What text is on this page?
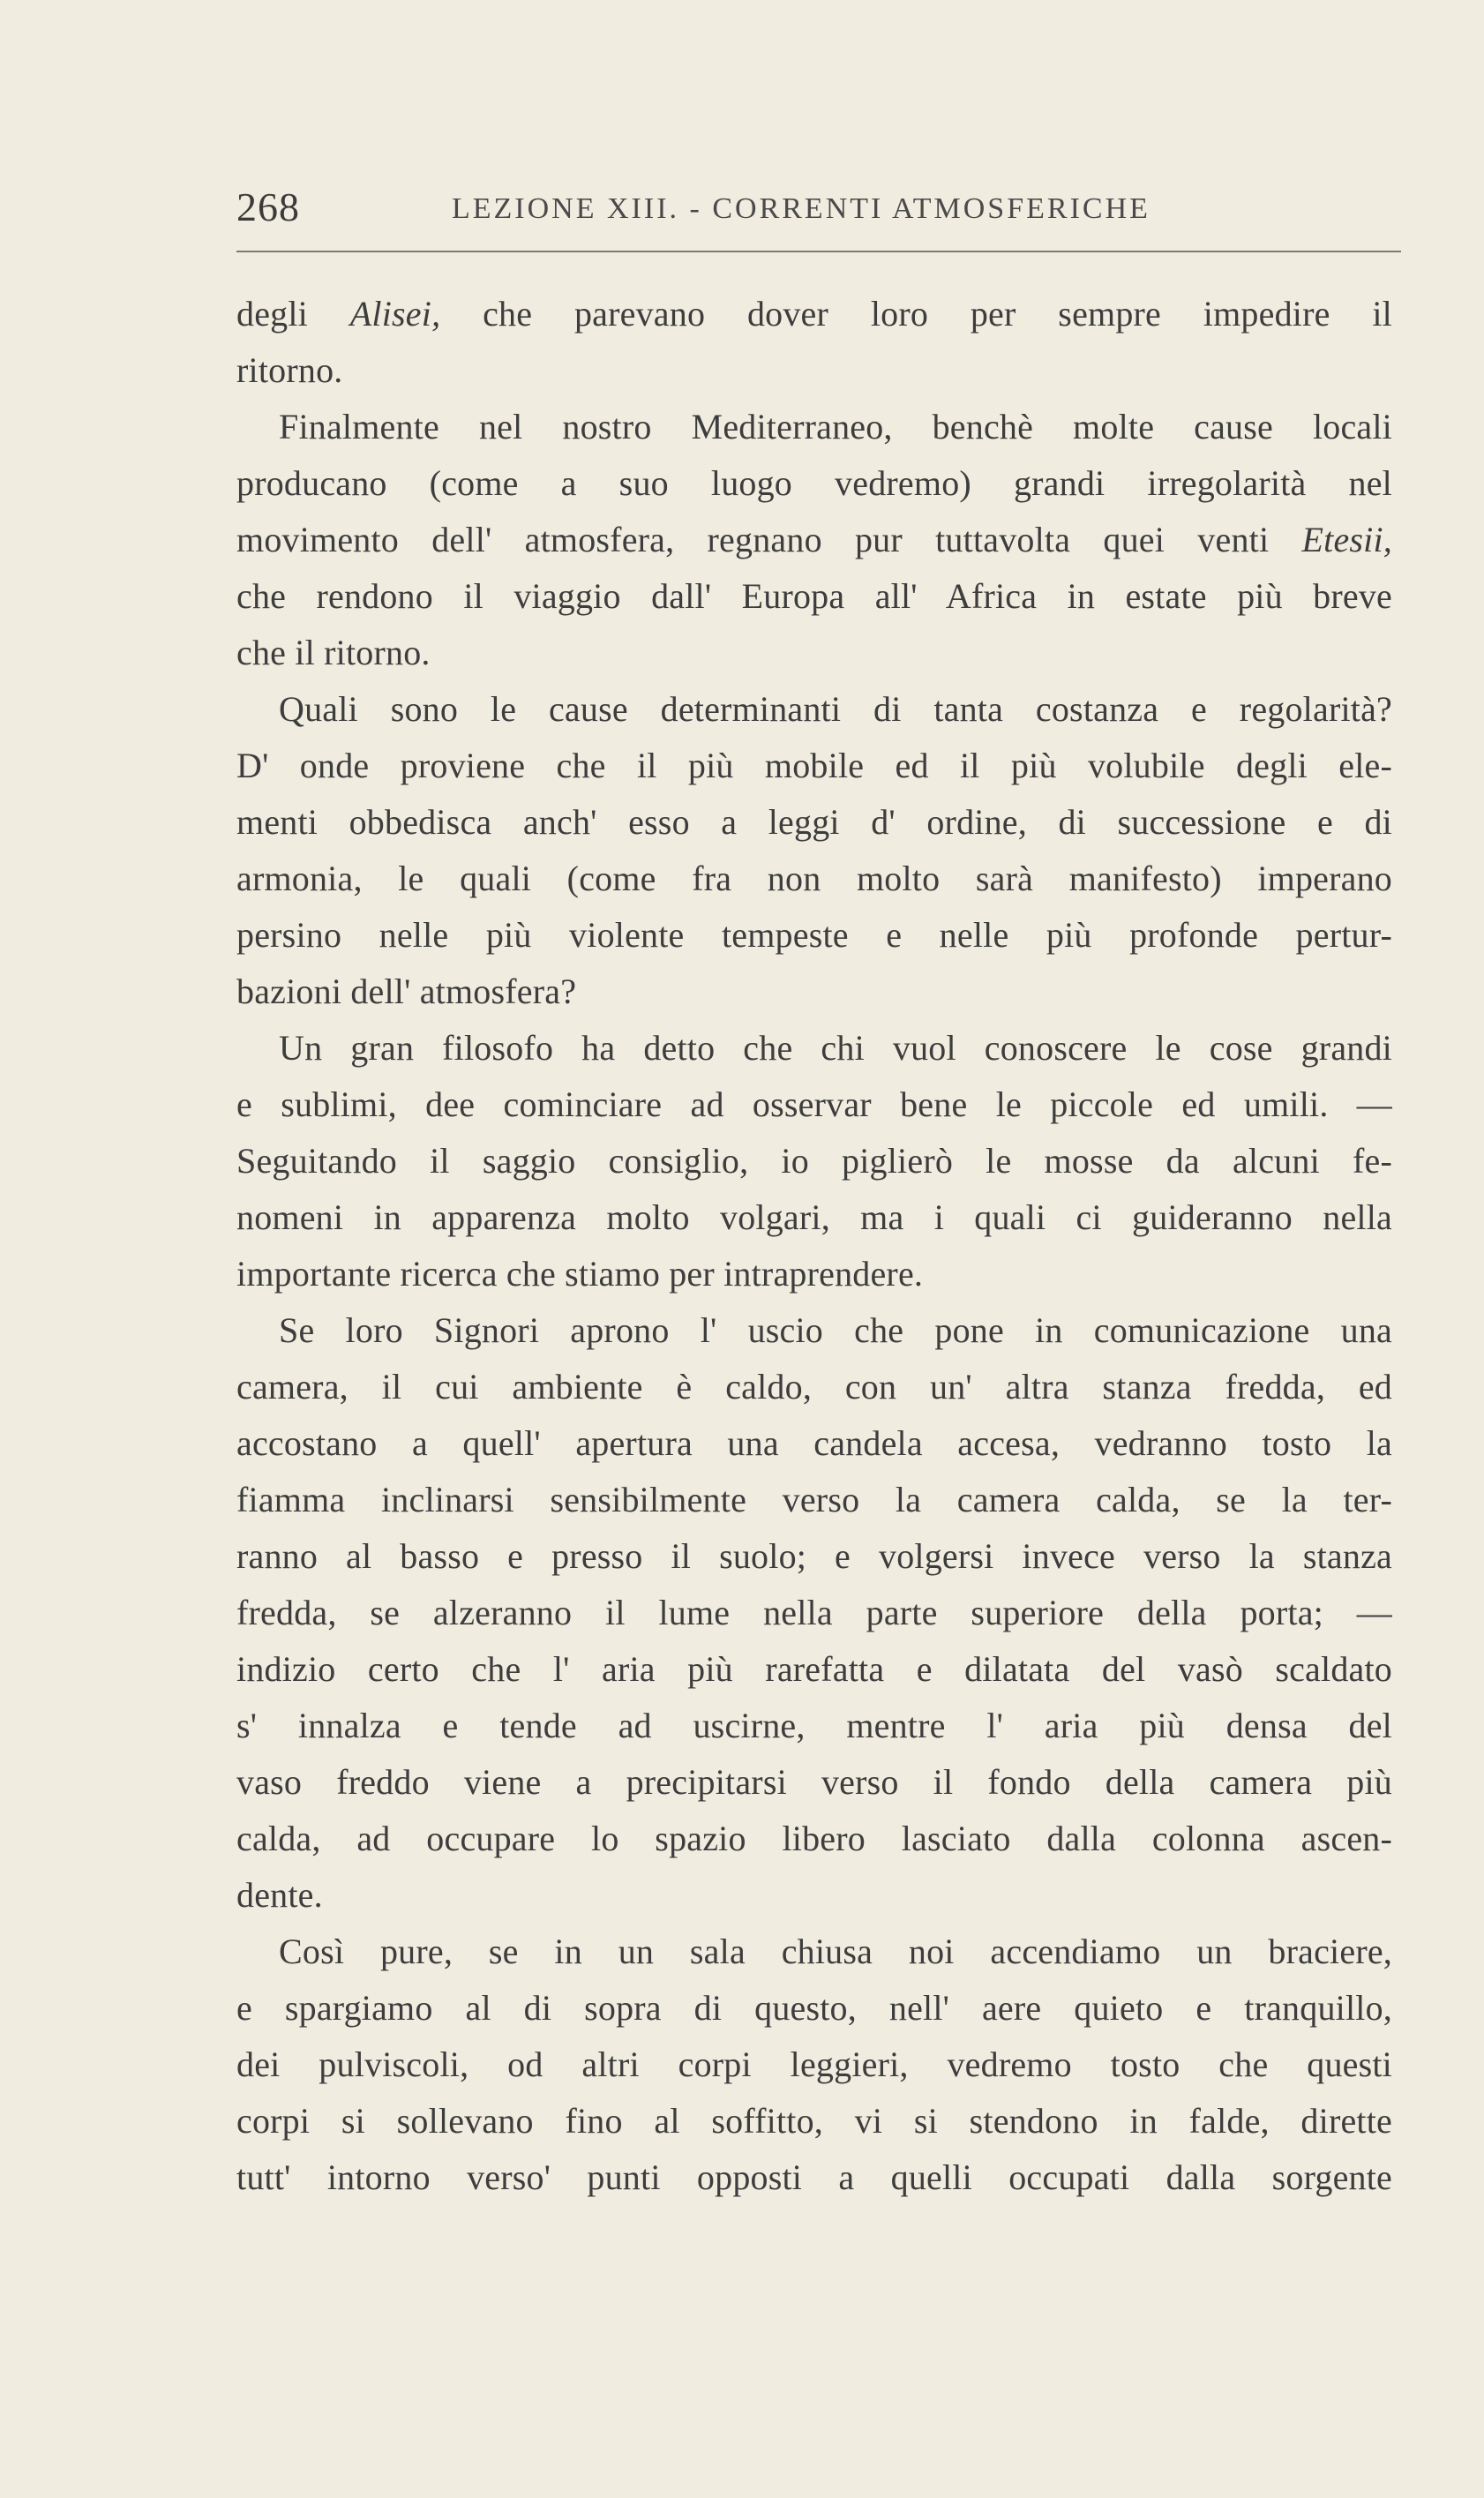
268	LEZIONE XIII. - CORRENTI ATMOSFERICHE
degli Alisei, che parevano dover loro per sempre impedire il
ritorno.
Finalmente nel nostro Mediterraneo, benchè molte cause locali
producano (come a suo luogo vedremo) grandi irregolarità nel
movimento dell' atmosfera, regnano pur tuttavolta quei venti Etesii,
che rendono il viaggio dall' Europa all' Africa in estate più breve
che il ritorno.
Quali sono le cause determinanti di tanta costanza e regolarità?
D' onde proviene che il più mobile ed il più volubile degli ele-
menti obbedisca anch' esso a leggi d' ordine, di successione e di
armonia, le quali (come fra non molto sarà manifesto) imperano
persino nelle più violente tempeste e nelle più profonde pertur-
bazioni dell' atmosfera?
Un gran filosofo ha detto che chi vuol conoscere le cose grandi
e sublimi, dee cominciare ad osservar bene le piccole ed umili. —
Seguitando il saggio consiglio, io piglierò le mosse da alcuni fe-
nomeni in apparenza molto volgari, ma i quali ci guideranno nella
importante ricerca che stiamo per intraprendere.
Se loro Signori aprono l' uscio che pone in comunicazione una
camera, il cui ambiente è caldo, con un' altra stanza fredda, ed
accostano a quell' apertura una candela accesa, vedranno tosto la
fiamma inclinarsi sensibilmente verso la camera calda, se la ter-
ranno al basso e presso il suolo; e volgersi invece verso la stanza
fredda, se alzeranno il lume nella parte superiore della porta; —
indizio certo che l' aria più rarefatta e dilatata del vasò scaldato
s' innalza e tende ad uscirne, mentre l' aria più densa del
vaso freddo viene a precipitarsi verso il fondo della camera più
calda, ad occupare lo spazio libero lasciato dalla colonna ascen-
dente.
Così pure, se in un sala chiusa noi accendiamo un braciere,
e spargiamo al di sopra di questo, nell' aere quieto e tranquillo,
dei pulviscoli, od altri corpi leggieri, vedremo tosto che questi
corpi si sollevano fino al soffitto, vi si stendono in falde, dirette
tutt' intorno verso' punti opposti a quelli occupati dalla sorgente
